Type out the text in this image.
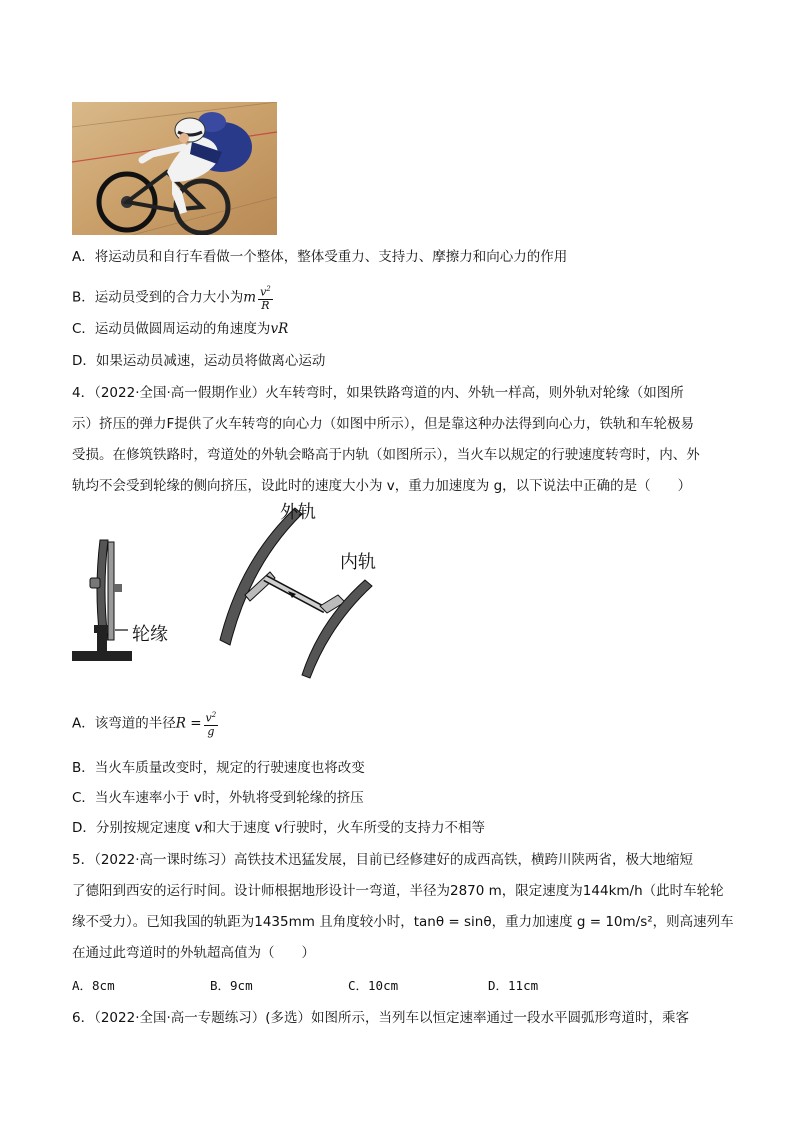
A．将运动员和自行车看做一个整体，整体受重力、支持力、摩擦力和向心力的作用
B．运动员受到的合力大小为m $\frac{v^2}{R}$
C．运动员做圆周运动的角速度为vR
D．如果运动员减速，运动员将做离心运动
4．（2022·全国·高一假期作业）火车转弯时，如果铁路弯道的内、外轨一样高，则外轨对轮缘（如图所
示）挤压的弹力F提供了火车转弯的向心力（如图中所示），但是靠这种办法得到向心力，铁轨和车轮极易
受损。在修筑铁路时，弯道处的外轨会略高于内轨（如图所示），当火车以规定的行驶速度转弯时，内、外
轨均不会受到轮缘的侧向挤压，设此时的速度大小为 v，重力加速度为 g，以下说法中正确的是（　　）
轮缘
外轨
内轨
A．该弯道的半径$R = \frac{v^2}{g}$
B．当火车质量改变时，规定的行驶速度也将改变
C．当火车速率小于 v时，外轨将受到轮缘的挤压
D．分别按规定速度 v和大于速度 v行驶时，火车所受的支持力不相等
5．（2022·高一课时练习）高铁技术迅猛发展，目前已经修建好的成西高铁，横跨川陕两省，极大地缩短
了德阳到西安的运行时间。设计师根据地形设计一弯道，半径为2870 m，限定速度为144km/h（此时车轮轮
缘不受力）。已知我国的轨距为1435mm 且角度较小时，tanθ = sinθ，重力加速度 g = 10m/s²，则高速列车
在通过此弯道时的外轨超高值为（　　）
A．8cm	B．9cm	C．10cm	D．11cm
6．（2022·全国·高一专题练习）(多选）如图所示，当列车以恒定速率通过一段水平圆弧形弯道时，乘客
